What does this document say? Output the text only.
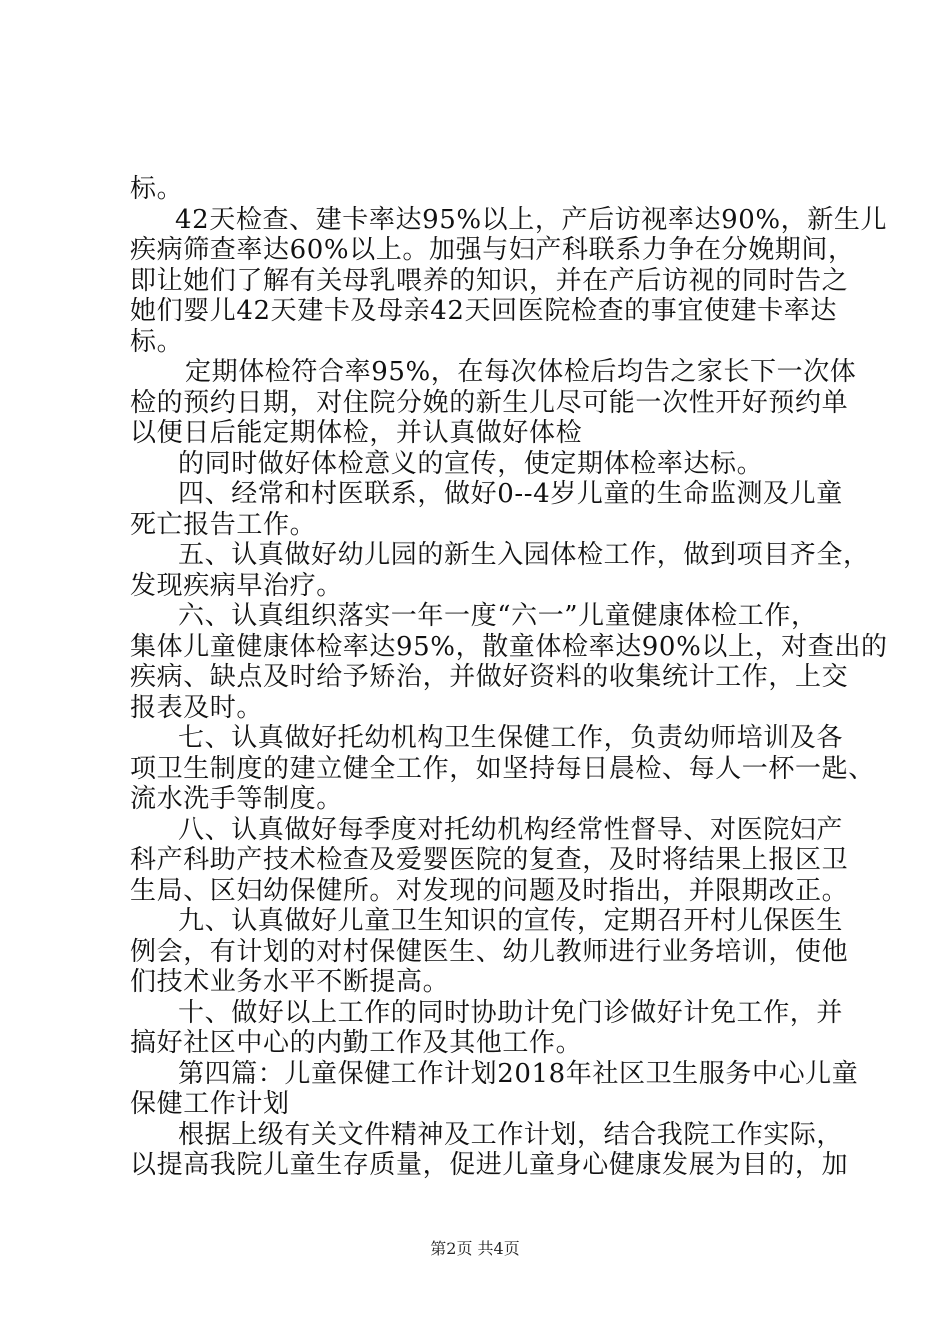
标。
42天检查、建卡率达95%以上，产后访视率达90%，新生儿
疾病筛查率达60%以上。加强与妇产科联系力争在分娩期间，
即让她们了解有关母乳喂养的知识，并在产后访视的同时告之
她们婴儿42天建卡及母亲42天回医院检查的事宜使建卡率达
标。
定期体检符合率95%，在每次体检后均告之家长下一次体
检的预约日期，对住院分娩的新生儿尽可能一次性开好预约单
以便日后能定期体检，并认真做好体检
的同时做好体检意义的宣传，使定期体检率达标。
四、经常和村医联系，做好0--4岁儿童的生命监测及儿童
死亡报告工作。
五、认真做好幼儿园的新生入园体检工作，做到项目齐全，
发现疾病早治疗。
六、认真组织落实一年一度“六一”儿童健康体检工作，
集体儿童健康体检率达95%，散童体检率达90%以上，对查出的
疾病、缺点及时给予矫治，并做好资料的收集统计工作，上交
报表及时。
七、认真做好托幼机构卫生保健工作，负责幼师培训及各
项卫生制度的建立健全工作，如坚持每日晨检、每人一杯一匙、
流水洗手等制度。
八、认真做好每季度对托幼机构经常性督导、对医院妇产
科产科助产技术检查及爱婴医院的复查，及时将结果上报区卫
生局、区妇幼保健所。对发现的问题及时指出，并限期改正。
九、认真做好儿童卫生知识的宣传，定期召开村儿保医生
例会，有计划的对村保健医生、幼儿教师进行业务培训，使他
们技术业务水平不断提高。
十、做好以上工作的同时协助计免门诊做好计免工作，并
搞好社区中心的内勤工作及其他工作。
第四篇：儿童保健工作计划2018年社区卫生服务中心儿童
保健工作计划
根据上级有关文件精神及工作计划，结合我院工作实际，
以提高我院儿童生存质量，促进儿童身心健康发展为目的，加
第2页 共4页
